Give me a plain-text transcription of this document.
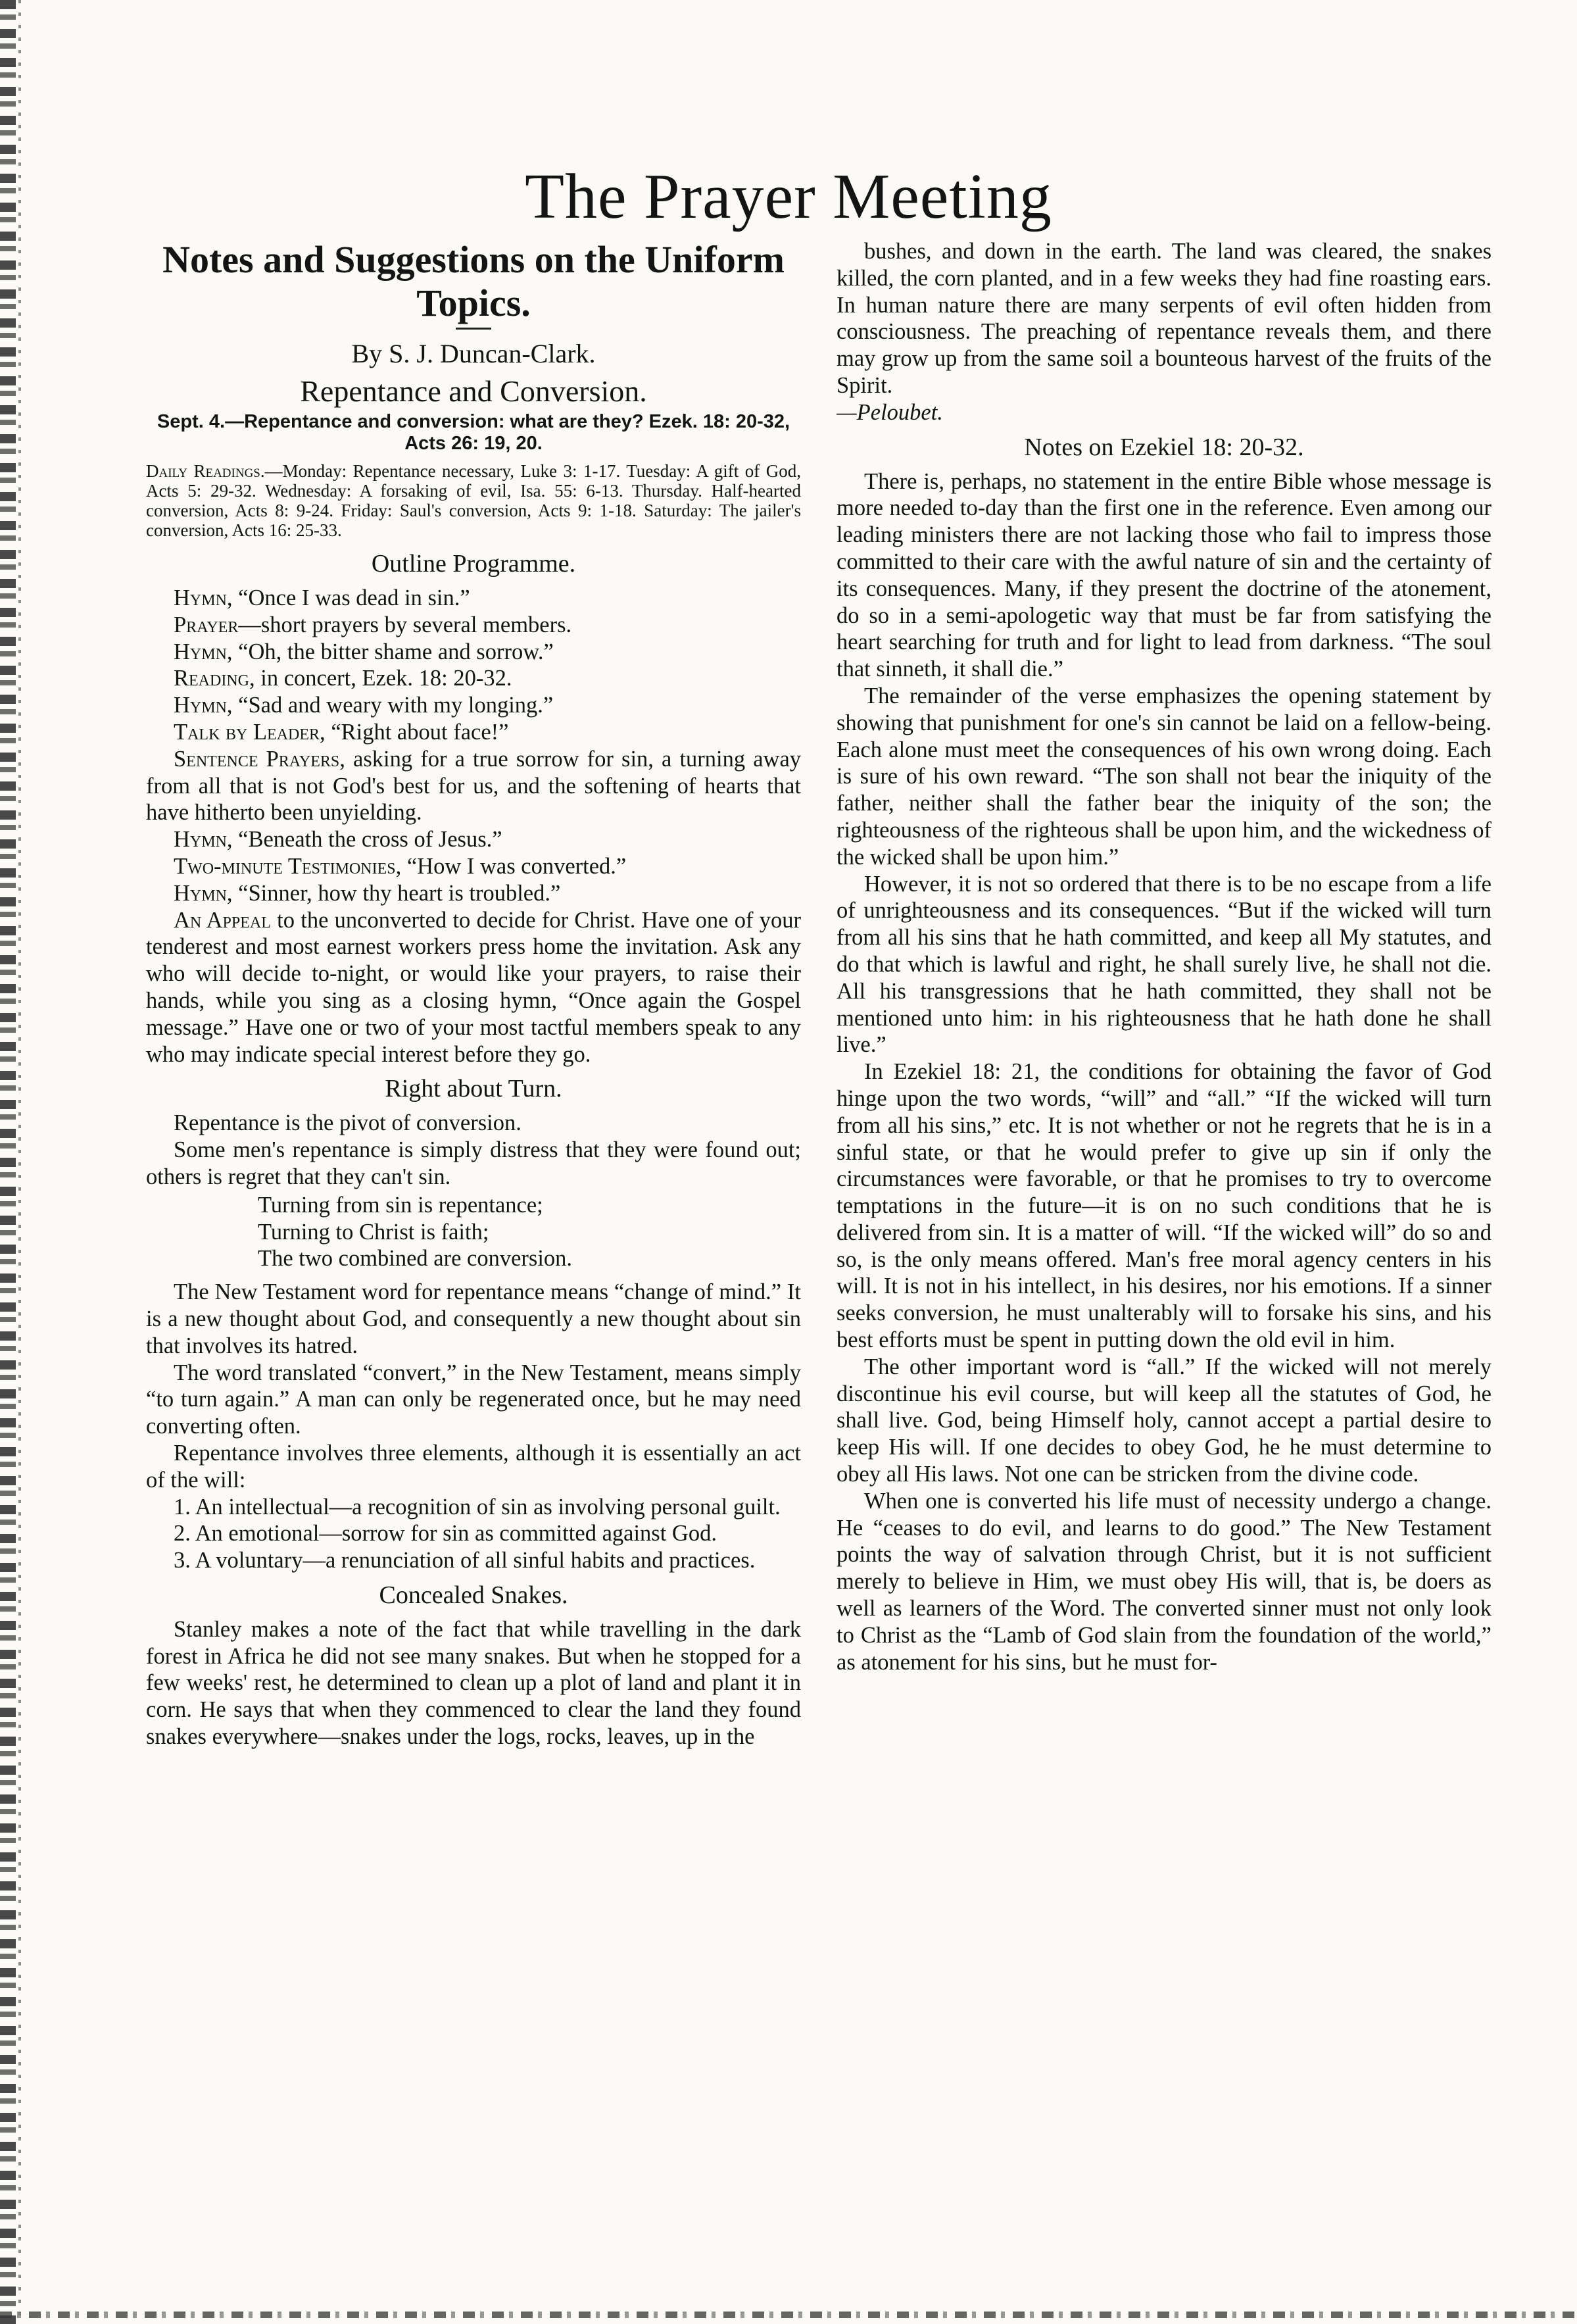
The Prayer Meeting
Notes and Suggestions on the Uniform Topics.
By S. J. Duncan-Clark.
Repentance and Conversion.
Sept. 4.—Repentance and conversion: what are they? Ezek. 18: 20-32, Acts 26: 19, 20.
Daily Readings.—Monday: Repentance necessary, Luke 3: 1-17. Tuesday: A gift of God, Acts 5: 29-32. Wednesday: A forsaking of evil, Isa. 55: 6-13. Thursday. Half-hearted conversion, Acts 8: 9-24. Friday: Saul's conversion, Acts 9: 1-18. Saturday: The jailer's conversion, Acts 16: 25-33.
Outline Programme.

Hymn, “Once I was dead in sin.”

Prayer—short prayers by several members.

Hymn, “Oh, the bitter shame and sorrow.”

Reading, in concert, Ezek. 18: 20-32.

Hymn, “Sad and weary with my longing.”

Talk by Leader, “Right about face!”

Sentence Prayers, asking for a true sorrow for sin, a turning away from all that is not God's best for us, and the softening of hearts that have hitherto been unyielding.

Hymn, “Beneath the cross of Jesus.”

Two-minute Testimonies, “How I was converted.”

Hymn, “Sinner, how thy heart is troubled.”

An Appeal to the unconverted to decide for Christ. Have one of your tenderest and most earnest workers press home the invitation. Ask any who will decide to-night, or would like your prayers, to raise their hands, while you sing as a closing hymn, “Once again the Gospel message.” Have one or two of your most tactful members speak to any who may indicate special interest before they go.

Right about Turn.

Repentance is the pivot of conversion.

Some men's repentance is simply distress that they were found out; others is regret that they can't sin.

Turning from sin is repentance;
Turning to Christ is faith;
The two combined are conversion.

The New Testament word for repentance means “change of mind.” It is a new thought about God, and consequently a new thought about sin that involves its hatred.

The word translated “convert,” in the New Testament, means simply “to turn again.” A man can only be regenerated once, but he may need converting often.

Repentance involves three elements, although it is essentially an act of the will:

1. An intellectual—a recognition of sin as involving personal guilt.

2. An emotional—sorrow for sin as committed against God.

3. A voluntary—a renunciation of all sinful habits and practices.

Concealed Snakes.

Stanley makes a note of the fact that while travelling in the dark forest in Africa he did not see many snakes. But when he stopped for a few weeks' rest, he determined to clean up a plot of land and plant it in corn. He says that when they commenced to clear the land they found snakes everywhere—snakes under the logs, rocks, leaves, up in the

bushes, and down in the earth. The land was cleared, the snakes killed, the corn planted, and in a few weeks they had fine roasting ears. In human nature there are many serpents of evil often hidden from consciousness. The preaching of repentance reveals them, and there may grow up from the same soil a bounteous harvest of the fruits of the Spirit.
—Peloubet.

Notes on Ezekiel 18: 20-32.

There is, perhaps, no statement in the entire Bible whose message is more needed to-day than the first one in the reference. Even among our leading ministers there are not lacking those who fail to impress those committed to their care with the awful nature of sin and the certainty of its consequences. Many, if they present the doctrine of the atonement, do so in a semi-apologetic way that must be far from satisfying the heart searching for truth and for light to lead from darkness. “The soul that sinneth, it shall die.”

The remainder of the verse emphasizes the opening statement by showing that punishment for one's sin cannot be laid on a fellow-being. Each alone must meet the consequences of his own wrong doing. Each is sure of his own reward. “The son shall not bear the iniquity of the father, neither shall the father bear the iniquity of the son; the righteousness of the righteous shall be upon him, and the wickedness of the wicked shall be upon him.”

However, it is not so ordered that there is to be no escape from a life of unrighteousness and its consequences. “But if the wicked will turn from all his sins that he hath committed, and keep all My statutes, and do that which is lawful and right, he shall surely live, he shall not die. All his transgressions that he hath committed, they shall not be mentioned unto him: in his righteousness that he hath done he shall live.”

In Ezekiel 18: 21, the conditions for obtaining the favor of God hinge upon the two words, “will” and “all.” “If the wicked will turn from all his sins,” etc. It is not whether or not he regrets that he is in a sinful state, or that he would prefer to give up sin if only the circumstances were favorable, or that he promises to try to overcome temptations in the future—it is on no such conditions that he is delivered from sin. It is a matter of will. “If the wicked will” do so and so, is the only means offered. Man's free moral agency centers in his will. It is not in his intellect, in his desires, nor his emotions. If a sinner seeks conversion, he must unalterably will to forsake his sins, and his best efforts must be spent in putting down the old evil in him.

The other important word is “all.” If the wicked will not merely discontinue his evil course, but will keep all the statutes of God, he shall live. God, being Himself holy, cannot accept a partial desire to keep His will. If one decides to obey God, he he must determine to obey all His laws. Not one can be stricken from the divine code.

When one is converted his life must of necessity undergo a change. He “ceases to do evil, and learns to do good.” The New Testament points the way of salvation through Christ, but it is not sufficient merely to believe in Him, we must obey His will, that is, be doers as well as learners of the Word. The converted sinner must not only look to Christ as the “Lamb of God slain from the foundation of the world,” as atonement for his sins, but he must for-
